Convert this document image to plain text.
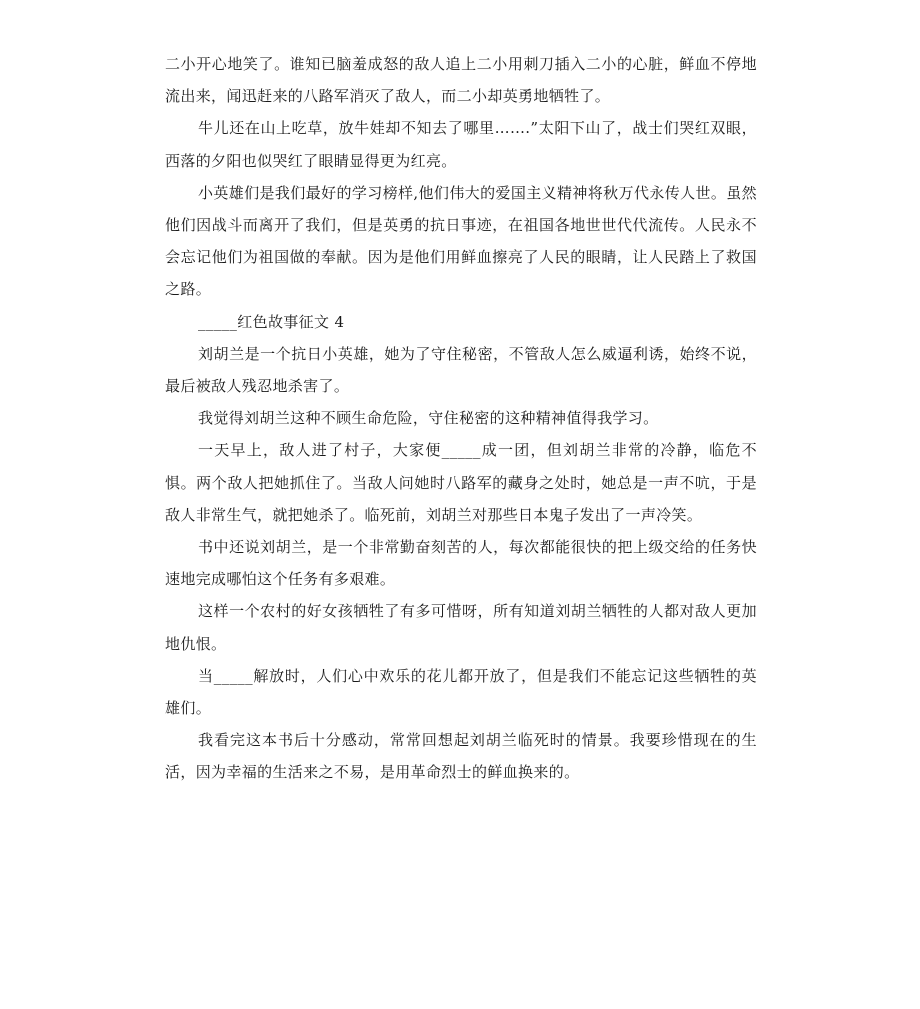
二小开心地笑了。谁知已脑羞成怒的敌人追上二小用刺刀插入二小的心脏，鲜血不停地流出来，闻迅赶来的八路军消灭了敌人，而二小却英勇地牺牲了。

牛儿还在山上吃草，放牛娃却不知去了哪里…….”太阳下山了，战士们哭红双眼，西落的夕阳也似哭红了眼睛显得更为红亮。

小英雄们是我们最好的学习榜样,他们伟大的爱国主义精神将秋万代永传人世。虽然他们因战斗而离开了我们，但是英勇的抗日事迹，在祖国各地世世代代流传。人民永不会忘记他们为祖国做的奉献。因为是他们用鲜血擦亮了人民的眼睛，让人民踏上了救国之路。

_____红色故事征文 4

刘胡兰是一个抗日小英雄，她为了守住秘密，不管敌人怎么威逼利诱，始终不说，最后被敌人残忍地杀害了。

我觉得刘胡兰这种不顾生命危险，守住秘密的这种精神值得我学习。

一天早上，敌人进了村子，大家便_____成一团，但刘胡兰非常的冷静，临危不惧。两个敌人把她抓住了。当敌人问她时八路军的藏身之处时，她总是一声不吭，于是敌人非常生气，就把她杀了。临死前，刘胡兰对那些日本鬼子发出了一声冷笑。

书中还说刘胡兰，是一个非常勤奋刻苦的人，每次都能很快的把上级交给的任务快速地完成哪怕这个任务有多艰难。

这样一个农村的好女孩牺牲了有多可惜呀，所有知道刘胡兰牺牲的人都对敌人更加地仇恨。

当_____解放时，人们心中欢乐的花儿都开放了，但是我们不能忘记这些牺牲的英雄们。

我看完这本书后十分感动，常常回想起刘胡兰临死时的情景。我要珍惜现在的生活，因为幸福的生活来之不易，是用革命烈士的鲜血换来的。
